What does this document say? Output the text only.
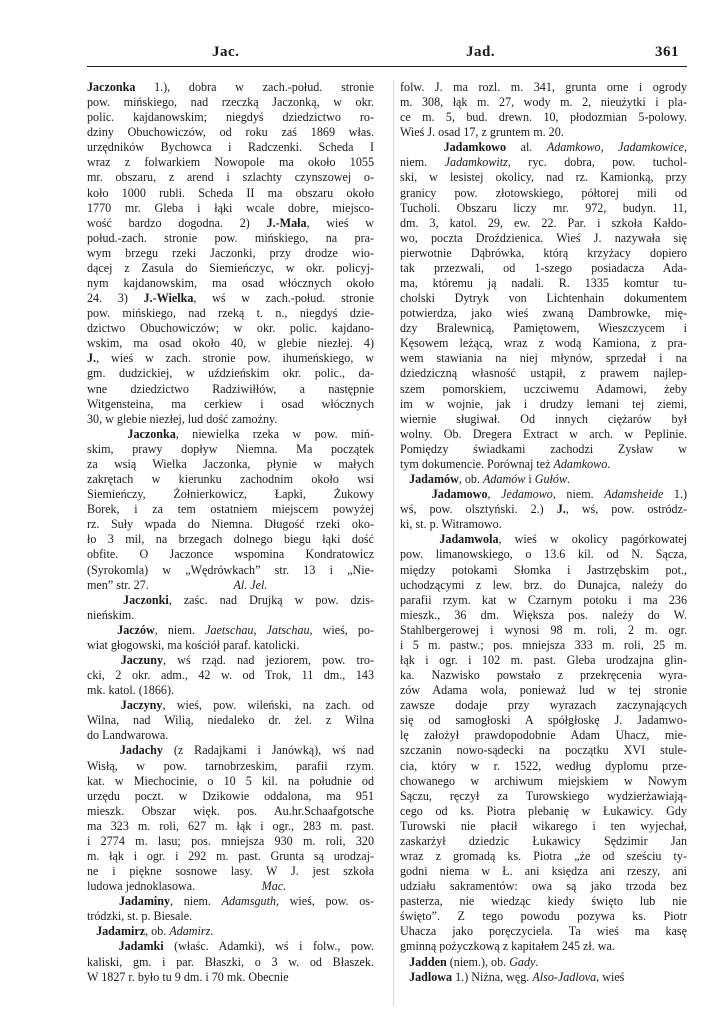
Jac.	Jad.	361
Jaczonka 1.), dobra w zach.-połud. stronie
pow. mińskiego, nad rzeczką Jaczonką, w okr.
polic. kajdanowskim; niegdyś dziedzictwo ro-
dziny Obuchowiczów, od roku zaś 1869 włas.
urzędników Bychowca i Radczenki. Scheda I
wraz z folwarkiem Nowopole ma około 1055
mr. obszaru, z arend i szlachty czynszowej o-
koło 1000 rubli. Scheda II ma obszaru około
1770 mr. Gleba i łąki wcale dobre, miejsco-
wość bardzo dogodna. 2) J.-Mała, wieś w
połud.-zach. stronie pow. mińskiego, na pra-
wym brzegu rzeki Jaczonki, przy drodze wio-
dącej z Zasula do Siemieńczyc, w okr. policyj-
nym kajdanowskim, ma osad włócznych około
24. 3) J.-Wielka, wś w zach.-połud. stronie
pow. mińskiego, nad rzeką t. n., niegdyś dzie-
dzictwo Obuchowiczów; w okr. polic. kajdano-
wskim, ma osad około 40, w glebie niezłej. 4)
J., wieś w zach. stronie pow. ihumeńskiego, w
gm. dudzickiej, w uździeńskim okr. polic., da-
wne dziedzictwo Radziwiłłów, a następnie
Witgensteina, ma cerkiew i osad włócznych
30, w glebie niezłej, lud dość zamożny.
Jaczonka, niewielka rzeka w pow. miń-
skim, prawy dopływ Niemna. Ma początek
za wsią Wielka Jaczonka, płynie w małych
zakrętach w kierunku zachodnim około wsi
Siemieńczy, Żołnierkowicz, Łapki, Żukowy
Borek, i za tem ostatniem miejscem powyżej
rz. Suły wpada do Niemna. Długość rzeki oko-
ło 3 mil, na brzegach dolnego biegu łąki dość
obfite. O Jaczonce wspomina Kondratowicz
(Syrokomla) w „Wędrówkach” str. 13 i „Nie-
men” str. 27.                            Al. Jel.
Jaczonki, zaśc. nad Drujką w pow. dzis-
nieńskim.
Jaczów, niem. Jaetschau, Jatschau, wieś, po-
wiat głogowski, ma kościół paraf. katolicki.
Jaczuny, wś rząd. nad jeziorem, pow. tro-
cki, 2 okr. adm., 42 w. od Trok, 11 dm., 143
mk. katol. (1866).
Jaczyny, wieś, pow. wileński, na zach. od
Wilna, nad Wilią, niedaleko dr. żel. z Wilna
do Landwarowa.
Jadachy (z Radajkami i Janówką), wś nad
Wisłą, w pow. tarnobrzeskim, parafii rzym.
kat. w Miechocinie, o 10 5 kil. na południe od
urzędu poczt. w Dzikowie oddalona, ma 951
mieszk. Obszar więk. pos. Au.hr.Schaafgotsche
ma 323 m. roli, 627 m. łąk i ogr., 283 m. past.
i 2774 m. lasu; pos. mniejsza 930 m. roli, 320
m. łąk i ogr. i 292 m. past. Grunta są urodzaj-
ne i piękne sosnowe lasy. W J. jest szkoła
ludowa jednoklasowa.                      Mac.
Jadaminy, niem. Adamsguth, wieś, pow. os-
tródzki, st. p. Biesale.
Jadamirz, ob. Adamirz.
Jadamki (właśc. Adamki), wś i folw., pow.
kaliski, gm. i par. Błaszki, o 3 w. od Błaszek.
W 1827 r. było tu 9 dm. i 70 mk. Obecnie
folw. J. ma rozl. m. 341, grunta orne i ogrody
m. 308, łąk m. 27, wody m. 2, nieużytki i pla-
ce m. 5, bud. drewn. 10, płodozmian 5-polowy.
Wieś J. osad 17, z gruntem m. 20.
Jadamkowo al. Adamkowo, Jadamkowice,
niem. Jadamkowitz, ryc. dobra, pow. tuchol-
ski, w lesistej okolicy, nad rz. Kamionką, przy
granicy pow. złotowskiego, półtorej mili od
Tucholi. Obszaru liczy mr. 972, budyn. 11,
dm. 3, katol. 29, ew. 22. Par. i szkoła Kałdo-
wo, poczta Droździenica. Wieś J. nazywała się
pierwotnie Dąbrówka, którą krzyżacy dopiero
tak przezwali, od 1-szego posiadacza Ada-
ma, któremu ją nadali. R. 1335 komtur tu-
cholski Dytryk von Lichtenhain dokumentem
potwierdza, jako wieś zwaną Dambrowke, mię-
dzy Bralewnicą, Pamiętowem, Wieszczycem i
Kęsowem leżącą, wraz z wodą Kamiona, z pra-
wem stawiania na niej młynów, sprzedał i na
dziedziczną własność ustąpił, z prawem najlep-
szem pomorskiem, uczciwemu Adamowi, żeby
im w wojnie, jak i drudzy lemani tej ziemi,
wiernie sługiwał. Od innych ciężarów był
wolny. Ob. Dregera Extract w arch. w Peplinie.
Pomiędzy świadkami zachodzi Zysław w
tym dokumencie. Porównaj też Adamkowo.
Jadamów, ob. Adamów i Gułów.
Jadamowo, Jedamowo, niem. Adamsheide 1.)
wś, pow. olsztyński. 2.) J., wś, pow. ostródz-
ki, st. p. Witramowo.
Jadamwola, wieś w okolicy pagórkowatej
pow. limanowskiego, o 13.6 kil. od N. Sącza,
między potokami Słomka i Jastrzębskim pot.,
uchodzącymi z lew. brz. do Dunajca, należy do
parafii rzym. kat w Czarnym potoku i ma 236
mieszk., 36 dm. Większa pos. należy do W.
Stahlbergerowej i wynosi 98 m. roli, 2 m. ogr.
i 5 m. pastw.; pos. mniejsza 333 m. roli, 25 m.
łąk i ogr. i 102 m. past. Gleba urodzajna glin-
ka. Nazwisko powstało z przekręcenia wyra-
zów Adama wola, ponieważ lud w tej stronie
zawsze dodaje przy wyrazach zaczynających
się od samogłoski A spółgłoskę J. Jadamwo-
lę założył prawdopodobnie Adam Uhacz, mie-
szczanin nowo-sądecki na początku XVI stule-
cia, który w r. 1522, według dyplomu prze-
chowanego w archiwum miejskiem w Nowym
Sączu, ręczył za Turowskiego wydzierżawiają-
cego od ks. Piotra plebanię w Łukawicy. Gdy
Turowski nie płacił wikarego i ten wyjechał,
zaskarżył dziedzic Łukawicy Sędzimir Jan
wraz z gromadą ks. Piotra „że od sześciu ty-
godni niema w Ł. ani księdza ani rzeszy, ani
udziału sakramentów: owa są jako trzoda bez
pasterza, nie wiedząc kiedy święto lub nie
święto”. Z tego powodu pozywa ks. Piotr
Uhacza jako poręczyciela. Ta wieś ma kasę
gminną pożyczkową z kapitałem 245 zł. wa.
Jadden (niem.), ob. Gady.
Jadlowa 1.) Niżna, węg. Also-Jadlova, wieś
